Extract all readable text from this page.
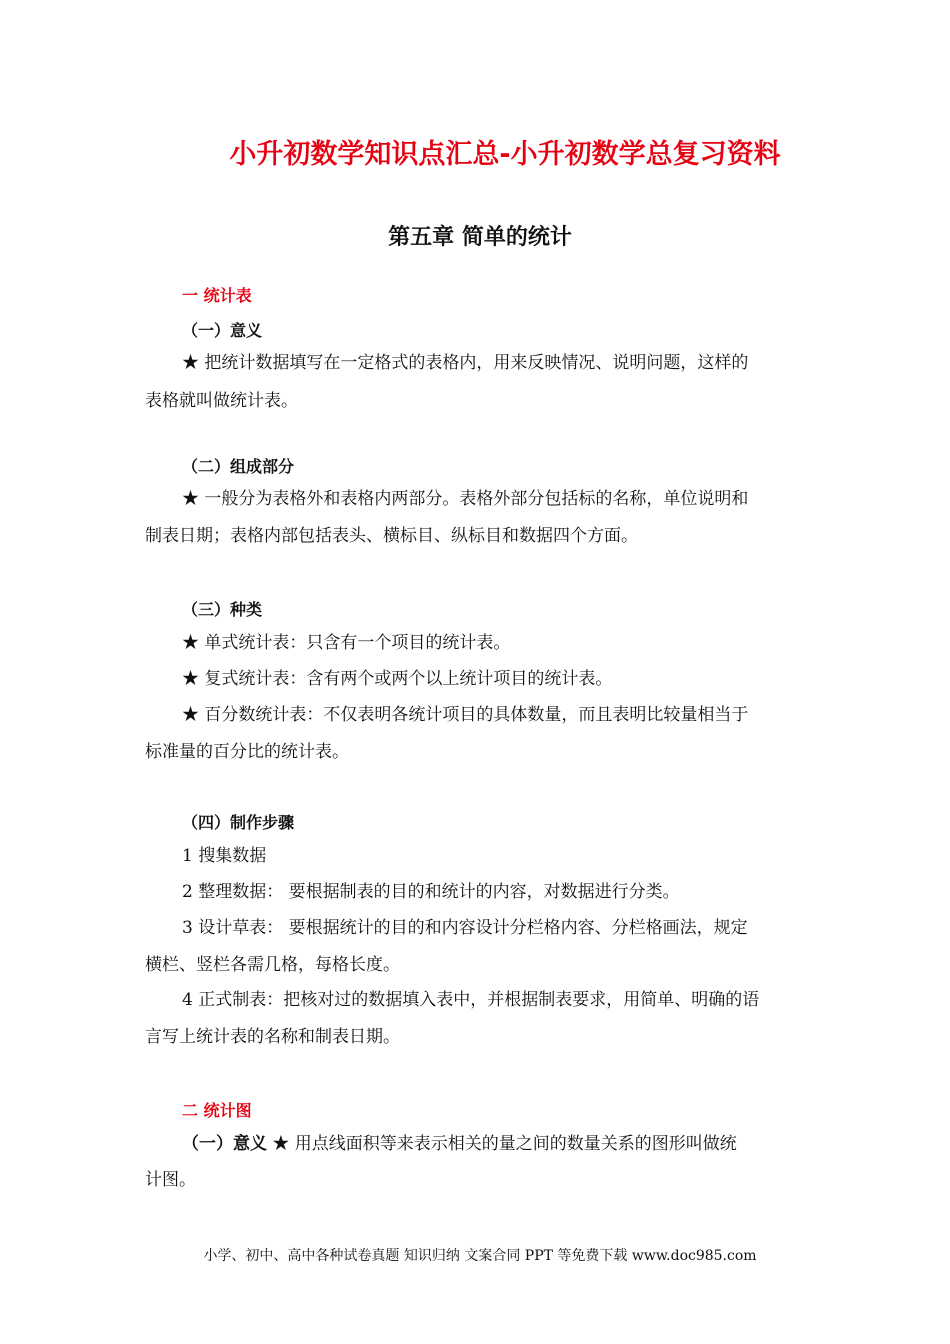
小升初数学知识点汇总-小升初数学总复习资料
第五章 简单的统计
一 统计表
（一）意义
★ 把统计数据填写在一定格式的表格内，用来反映情况、说明问题，这样的
表格就叫做统计表。
（二）组成部分
★ 一般分为表格外和表格内两部分。表格外部分包括标的名称，单位说明和
制表日期；表格内部包括表头、横标目、纵标目和数据四个方面。
（三）种类
★ 单式统计表：只含有一个项目的统计表。
★ 复式统计表：含有两个或两个以上统计项目的统计表。
★ 百分数统计表：不仅表明各统计项目的具体数量，而且表明比较量相当于
标准量的百分比的统计表。
（四）制作步骤
1 搜集数据
2 整理数据： 要根据制表的目的和统计的内容，对数据进行分类。
3 设计草表： 要根据统计的目的和内容设计分栏格内容、分栏格画法，规定
横栏、竖栏各需几格，每格长度。
4 正式制表：把核对过的数据填入表中，并根据制表要求，用简单、明确的语
言写上统计表的名称和制表日期。
二 统计图
（一）意义 ★ 用点线面积等来表示相关的量之间的数量关系的图形叫做统
计图。
小学、初中、高中各种试卷真题 知识归纳 文案合同 PPT 等免费下载 www.doc985.com
